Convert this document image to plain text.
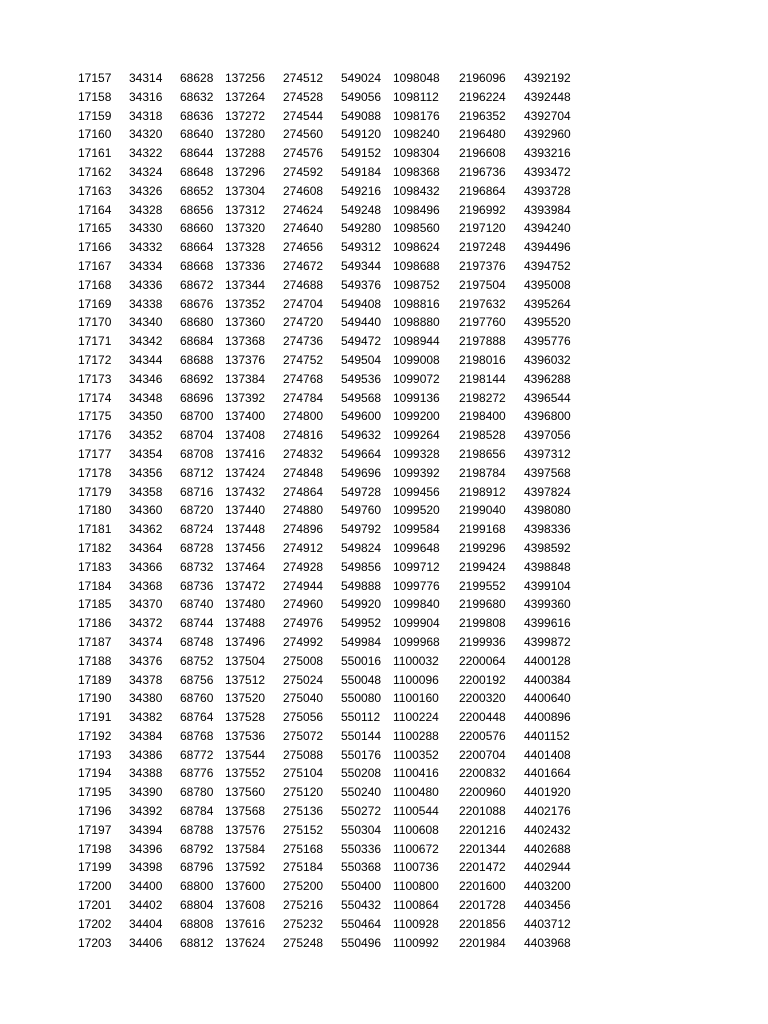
17157 34314 68628 137256 274512 549024 1098048 2196096 4392192
17158 34316 68632 137264 274528 549056 1098112 2196224 4392448
17159 34318 68636 137272 274544 549088 1098176 2196352 4392704
17160 34320 68640 137280 274560 549120 1098240 2196480 4392960
17161 34322 68644 137288 274576 549152 1098304 2196608 4393216
17162 34324 68648 137296 274592 549184 1098368 2196736 4393472
17163 34326 68652 137304 274608 549216 1098432 2196864 4393728
17164 34328 68656 137312 274624 549248 1098496 2196992 4393984
17165 34330 68660 137320 274640 549280 1098560 2197120 4394240
17166 34332 68664 137328 274656 549312 1098624 2197248 4394496
17167 34334 68668 137336 274672 549344 1098688 2197376 4394752
17168 34336 68672 137344 274688 549376 1098752 2197504 4395008
17169 34338 68676 137352 274704 549408 1098816 2197632 4395264
17170 34340 68680 137360 274720 549440 1098880 2197760 4395520
17171 34342 68684 137368 274736 549472 1098944 2197888 4395776
17172 34344 68688 137376 274752 549504 1099008 2198016 4396032
17173 34346 68692 137384 274768 549536 1099072 2198144 4396288
17174 34348 68696 137392 274784 549568 1099136 2198272 4396544
17175 34350 68700 137400 274800 549600 1099200 2198400 4396800
17176 34352 68704 137408 274816 549632 1099264 2198528 4397056
17177 34354 68708 137416 274832 549664 1099328 2198656 4397312
17178 34356 68712 137424 274848 549696 1099392 2198784 4397568
17179 34358 68716 137432 274864 549728 1099456 2198912 4397824
17180 34360 68720 137440 274880 549760 1099520 2199040 4398080
17181 34362 68724 137448 274896 549792 1099584 2199168 4398336
17182 34364 68728 137456 274912 549824 1099648 2199296 4398592
17183 34366 68732 137464 274928 549856 1099712 2199424 4398848
17184 34368 68736 137472 274944 549888 1099776 2199552 4399104
17185 34370 68740 137480 274960 549920 1099840 2199680 4399360
17186 34372 68744 137488 274976 549952 1099904 2199808 4399616
17187 34374 68748 137496 274992 549984 1099968 2199936 4399872
17188 34376 68752 137504 275008 550016 1100032 2200064 4400128
17189 34378 68756 137512 275024 550048 1100096 2200192 4400384
17190 34380 68760 137520 275040 550080 1100160 2200320 4400640
17191 34382 68764 137528 275056 550112 1100224 2200448 4400896
17192 34384 68768 137536 275072 550144 1100288 2200576 4401152
17193 34386 68772 137544 275088 550176 1100352 2200704 4401408
17194 34388 68776 137552 275104 550208 1100416 2200832 4401664
17195 34390 68780 137560 275120 550240 1100480 2200960 4401920
17196 34392 68784 137568 275136 550272 1100544 2201088 4402176
17197 34394 68788 137576 275152 550304 1100608 2201216 4402432
17198 34396 68792 137584 275168 550336 1100672 2201344 4402688
17199 34398 68796 137592 275184 550368 1100736 2201472 4402944
17200 34400 68800 137600 275200 550400 1100800 2201600 4403200
17201 34402 68804 137608 275216 550432 1100864 2201728 4403456
17202 34404 68808 137616 275232 550464 1100928 2201856 4403712
17203 34406 68812 137624 275248 550496 1100992 2201984 4403968
